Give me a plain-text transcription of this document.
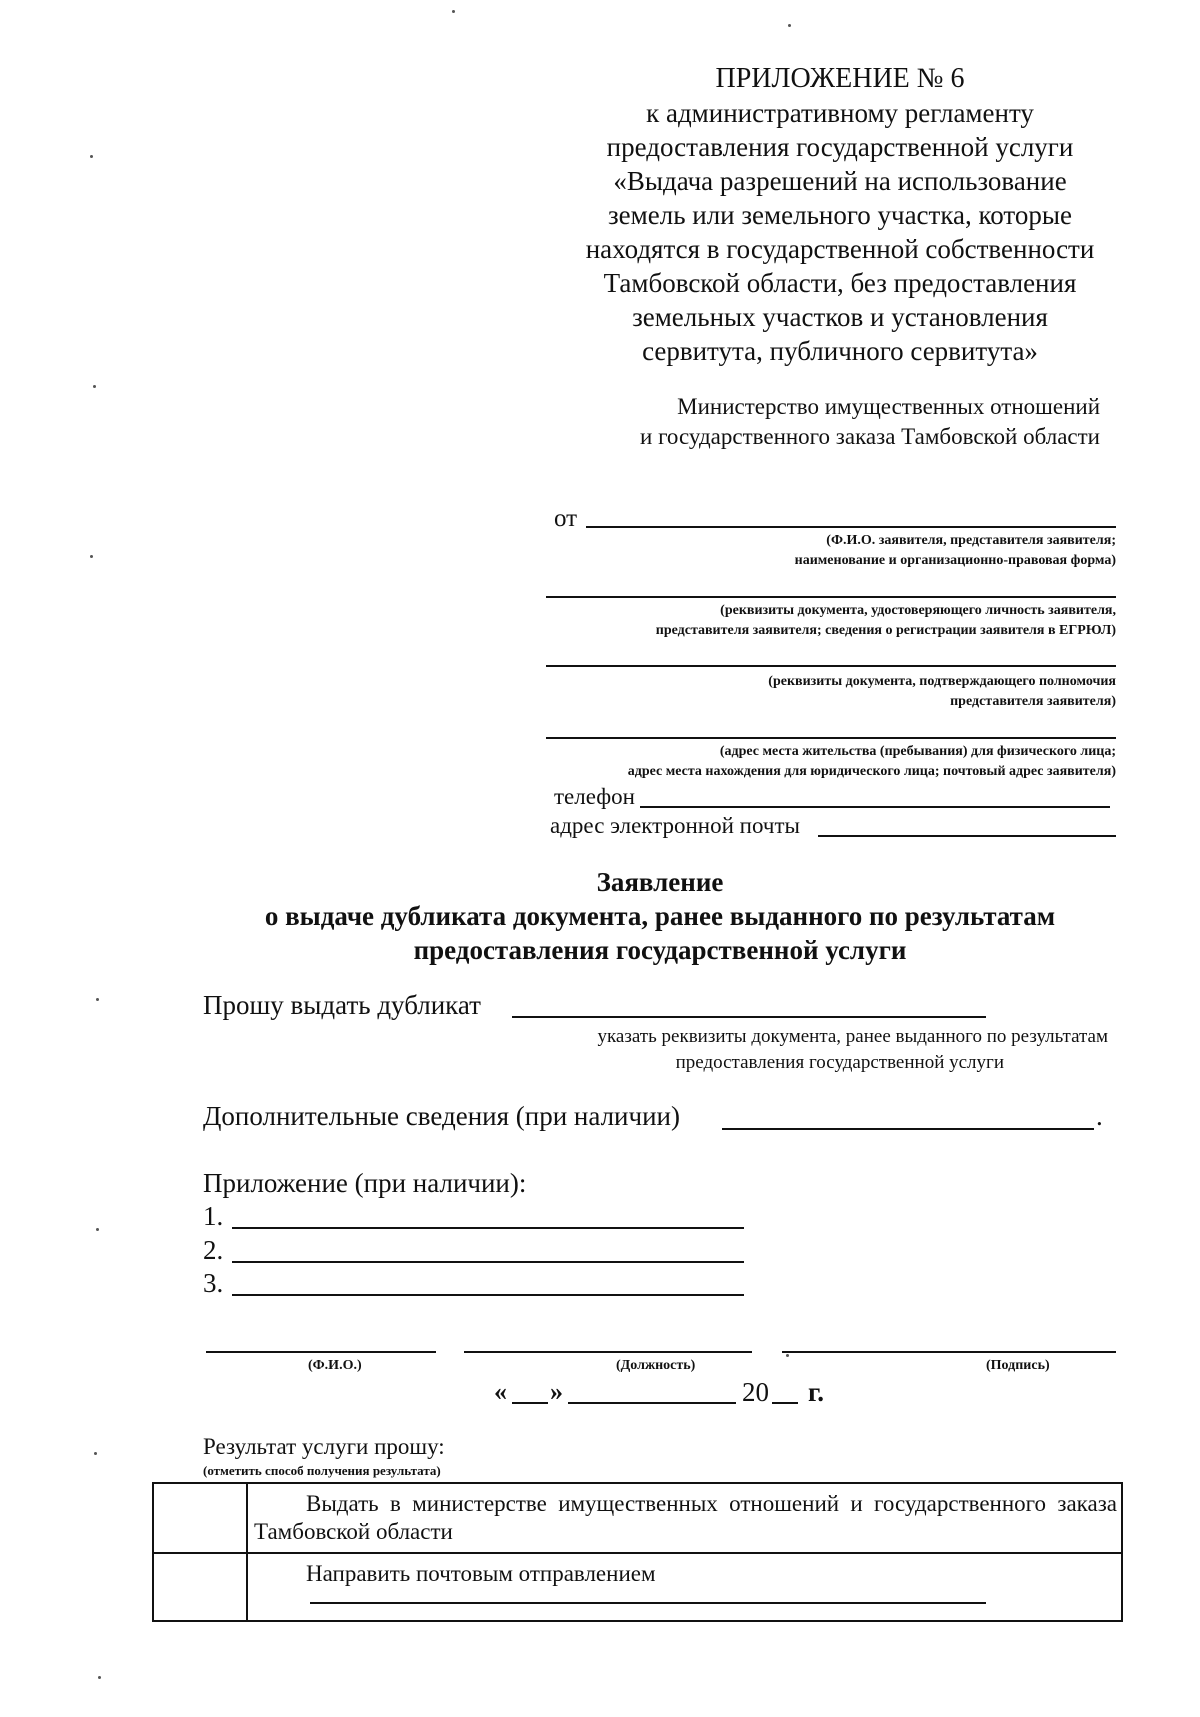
ПРИЛОЖЕНИЕ № 6
к административному регламенту
предоставления государственной услуги
«Выдача разрешений на использование
земель или земельного участка, которые
находятся в государственной собственности
Тамбовской области, без предоставления
земельных участков и установления
сервитута, публичного сервитута»
Министерство имущественных отношений
и государственного заказа Тамбовской области
от
(Ф.И.О. заявителя, представителя заявителя;
наименование и организационно-правовая форма)
(реквизиты документа, удостоверяющего личность заявителя,
представителя заявителя; сведения о регистрации заявителя в ЕГРЮЛ)
(реквизиты документа, подтверждающего полномочия
представителя заявителя)
(адрес места жительства (пребывания) для физического лица;
адрес места нахождения для юридического лица; почтовый адрес заявителя)
телефон
адрес электронной почты
Заявление
о выдаче дубликата документа, ранее выданного по результатам
предоставления государственной услуги
Прошу выдать дубликат
указать реквизиты документа, ранее выданного по результатам
предоставления государственной услуги
Дополнительные сведения (при наличии)	.
Приложение (при наличии):
1.
2.
3.
(Ф.И.О.)	(Должность)	(Подпись)
« »	20 г.
Результат услуги прошу:
(отметить способ получения результата)
	Выдать в министерстве имущественных отношений и государственного заказа Тамбовской области
	Направить почтовым отправлением
